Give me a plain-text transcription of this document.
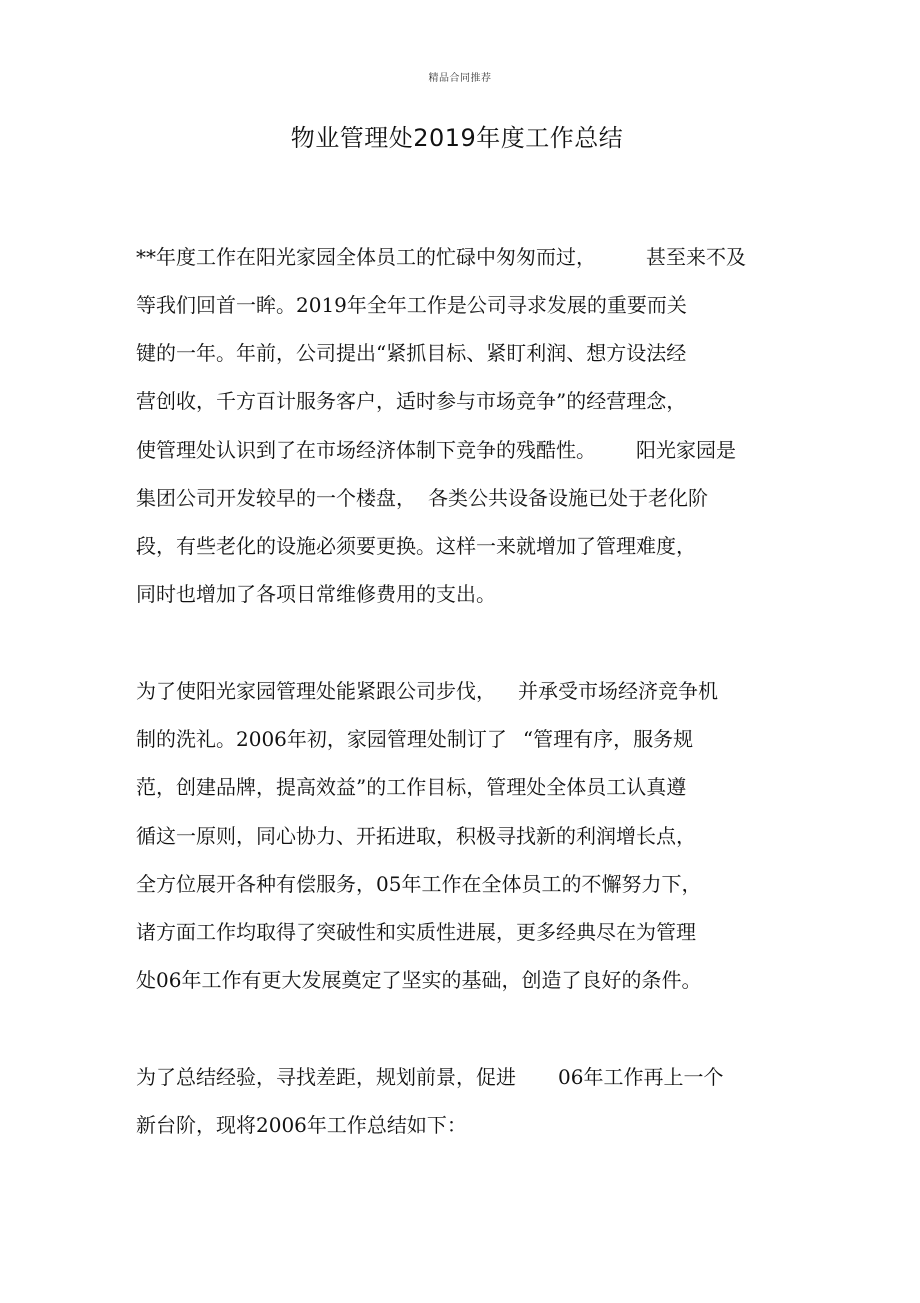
精品合同推荐
物业管理处2019年度工作总结
**年度工作在阳光家园全体员工的忙碌中匆匆而过，	甚至来不及
等我们回首一眸。2019年全年工作是公司寻求发展的重要而关
键的一年。年前，公司提出“紧抓目标、紧盯利润、想方设法经
营创收，千方百计服务客户，适时参与市场竞争”的经营理念，
使管理处认识到了在市场经济体制下竞争的残酷性。 阳光家园是
集团公司开发较早的一个楼盘， 各类公共设备设施已处于老化阶
段，有些老化的设施必须要更换。这样一来就增加了管理难度，
同时也增加了各项日常维修费用的支出。
为了使阳光家园管理处能紧跟公司步伐， 并承受市场经济竞争机
制的洗礼。2006年初，家园管理处制订了 “管理有序，服务规
范，创建品牌，提高效益”的工作目标，管理处全体员工认真遵
循这一原则，同心协力、开拓进取，积极寻找新的利润增长点，
全方位展开各种有偿服务，05年工作在全体员工的不懈努力下，
诸方面工作均取得了突破性和实质性进展，更多经典尽在为管理
处06年工作有更大发展奠定了坚实的基础，创造了良好的条件。
为了总结经验，寻找差距，规划前景，促进 06年工作再上一个
新台阶，现将2006年工作总结如下：
